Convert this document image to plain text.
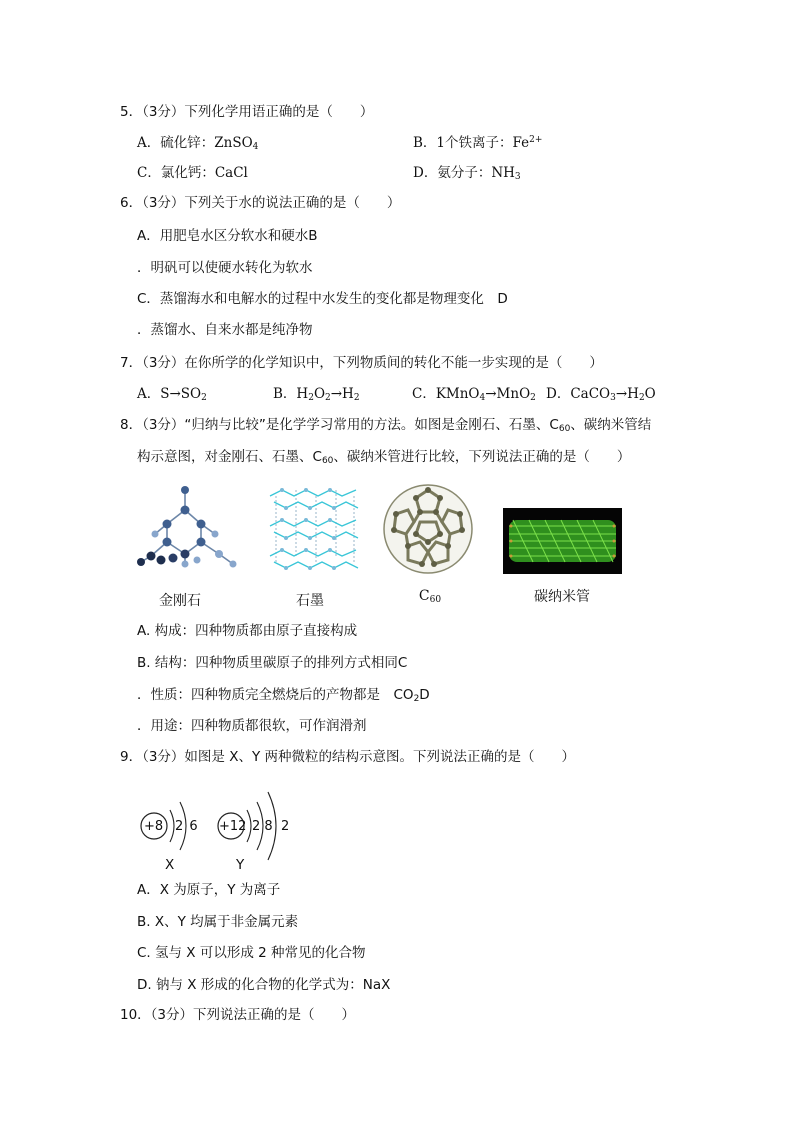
5．（3分）下列化学用语正确的是（　　）
A．硫化锌：ZnSO$_4$	B．1个铁离子：$Fe^{2+}$
C．氯化钙：CaCl	D．氨分子：$NH_3$
6．（3分）下列关于水的说法正确的是（　　）
A．用肥皂水区分软水和硬水B
．明矾可以使硬水转化为软水
C．蒸馏海水和电解水的过程中水发生的变化都是物理变化　D
．蒸馏水、自来水都是纯净物
7．（3分）在你所学的化学知识中，下列物质间的转化不能一步实现的是（　　）
A．$S\to SO_2$	B．$H_2O_2\to H_2$	C．KMnO$_4$→MnO$_2$ D．$CaCO_3\to H_2O$
8．（3分）“归纳与比较”是化学学习常用的方法。如图是金刚石、石墨、$C_{60}$、碳纳米管结
构示意图，对金刚石、石墨、$C_{60}$、碳纳米管进行比较，下列说法正确的是（　　）
金刚石	石墨	$C_{60}$	碳纳米管
A. 构成：四种物质都由原子直接构成
B. 结构：四种物质里碳原子的排列方式相同C
．性质：四种物质完全燃烧后的产物都是　$CO_2D$
．用途：四种物质都很软，可作润滑剂
9．（3分）如图是 X、Y 两种微粒的结构示意图。下列说法正确的是（　　）
+8 2 6
X
+12 2 8  2
Y
A．X 为原子，Y 为离子
B. X、Y 均属于非金属元素
C. 氢与 X 可以形成 2 种常见的化合物
D. 钠与 X 形成的化合物的化学式为：NaX
10．（3分）下列说法正确的是（　　）
